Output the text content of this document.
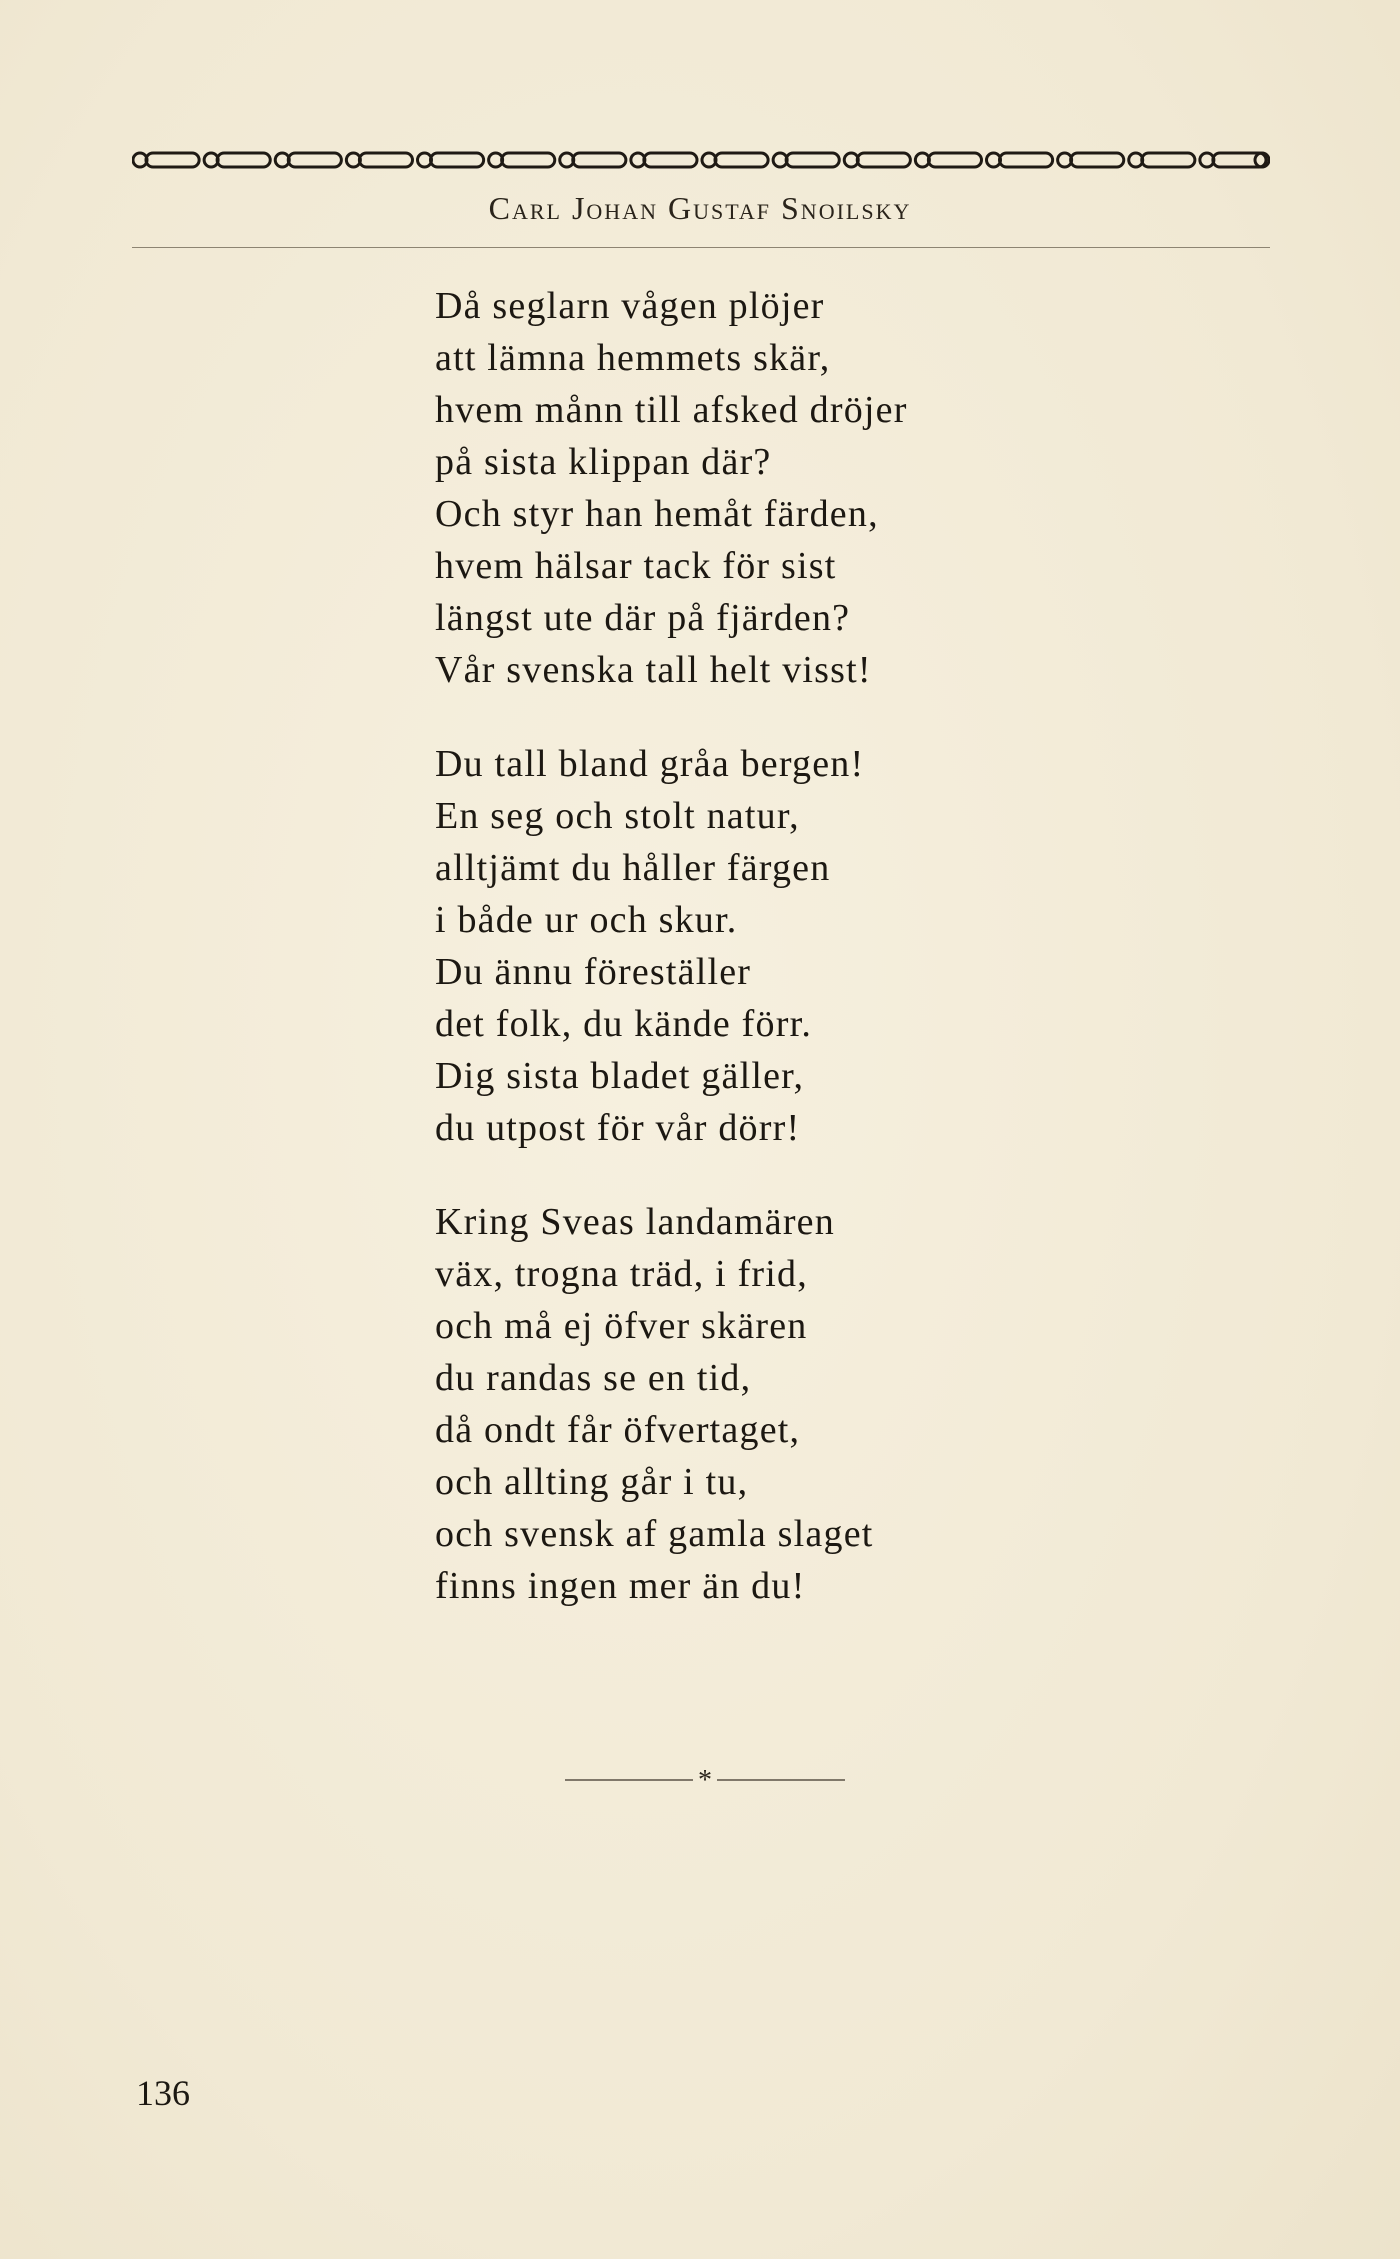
Carl Johan Gustaf Snoilsky
Då seglarn vågen plöjer
att lämna hemmets skär,
hvem månn till afsked dröjer
på sista klippan där?
Och styr han hemåt färden,
hvem hälsar tack för sist
längst ute där på fjärden?
Vår svenska tall helt visst!
Du tall bland gråa bergen!
En seg och stolt natur,
alltjämt du håller färgen
i både ur och skur.
Du ännu föreställer
det folk, du kände förr.
Dig sista bladet gäller,
du utpost för vår dörr!
Kring Sveas landamären
väx, trogna träd, i frid,
och må ej öfver skären
du randas se en tid,
då ondt får öfvertaget,
och allting går i tu,
och svensk af gamla slaget
finns ingen mer än du!
*
136
